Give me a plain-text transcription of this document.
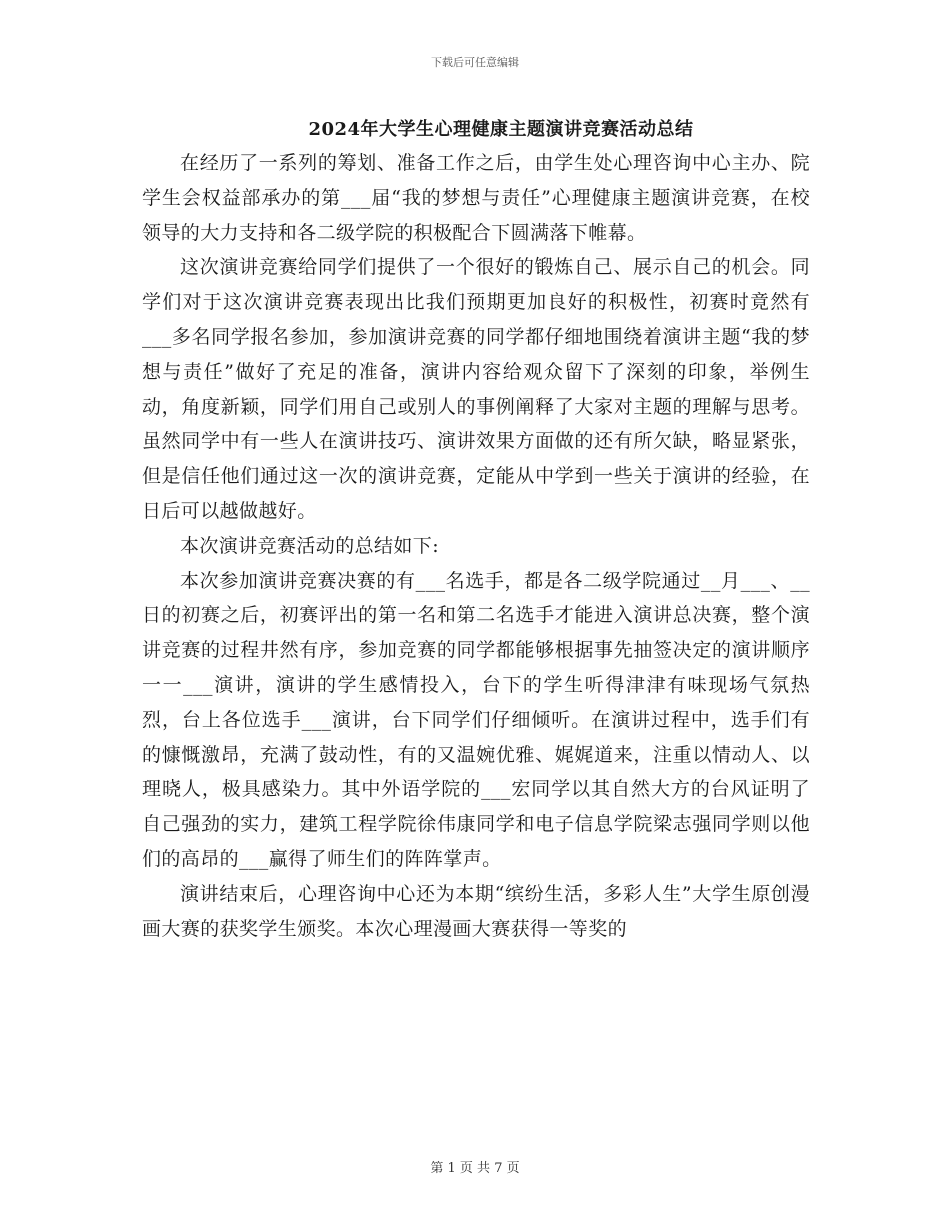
下载后可任意编辑
2024年大学生心理健康主题演讲竞赛活动总结

在经历了一系列的筹划、准备工作之后，由学生处心理咨询中心主办、院学生会权益部承办的第___届“我的梦想与责任”心理健康主题演讲竞赛，在校领导的大力支持和各二级学院的积极配合下圆满落下帷幕。

这次演讲竞赛给同学们提供了一个很好的锻炼自己、展示自己的机会。同学们对于这次演讲竞赛表现出比我们预期更加良好的积极性，初赛时竟然有___多名同学报名参加，参加演讲竞赛的同学都仔细地围绕着演讲主题“我的梦想与责任”做好了充足的准备，演讲内容给观众留下了深刻的印象，举例生动，角度新颖，同学们用自己或别人的事例阐释了大家对主题的理解与思考。虽然同学中有一些人在演讲技巧、演讲效果方面做的还有所欠缺，略显紧张，但是信任他们通过这一次的演讲竞赛，定能从中学到一些关于演讲的经验，在日后可以越做越好。

本次演讲竞赛活动的总结如下:

本次参加演讲竞赛决赛的有___名选手，都是各二级学院通过__月___、__日的初赛之后，初赛评出的第一名和第二名选手才能进入演讲总决赛，整个演讲竞赛的过程井然有序，参加竞赛的同学都能够根据事先抽签决定的演讲顺序一一___演讲，演讲的学生感情投入，台下的学生听得津津有味现场气氛热烈，台上各位选手___演讲，台下同学们仔细倾听。在演讲过程中，选手们有的慷慨激昂，充满了鼓动性，有的又温婉优雅、娓娓道来，注重以情动人、以理晓人，极具感染力。其中外语学院的___宏同学以其自然大方的台风证明了自己强劲的实力，建筑工程学院徐伟康同学和电子信息学院梁志强同学则以他们的高昂的___赢得了师生们的阵阵掌声。

演讲结束后，心理咨询中心还为本期“缤纷生活，多彩人生”大学生原创漫画大赛的获奖学生颁奖。本次心理漫画大赛获得一等奖的

第 1 页 共 7 页
